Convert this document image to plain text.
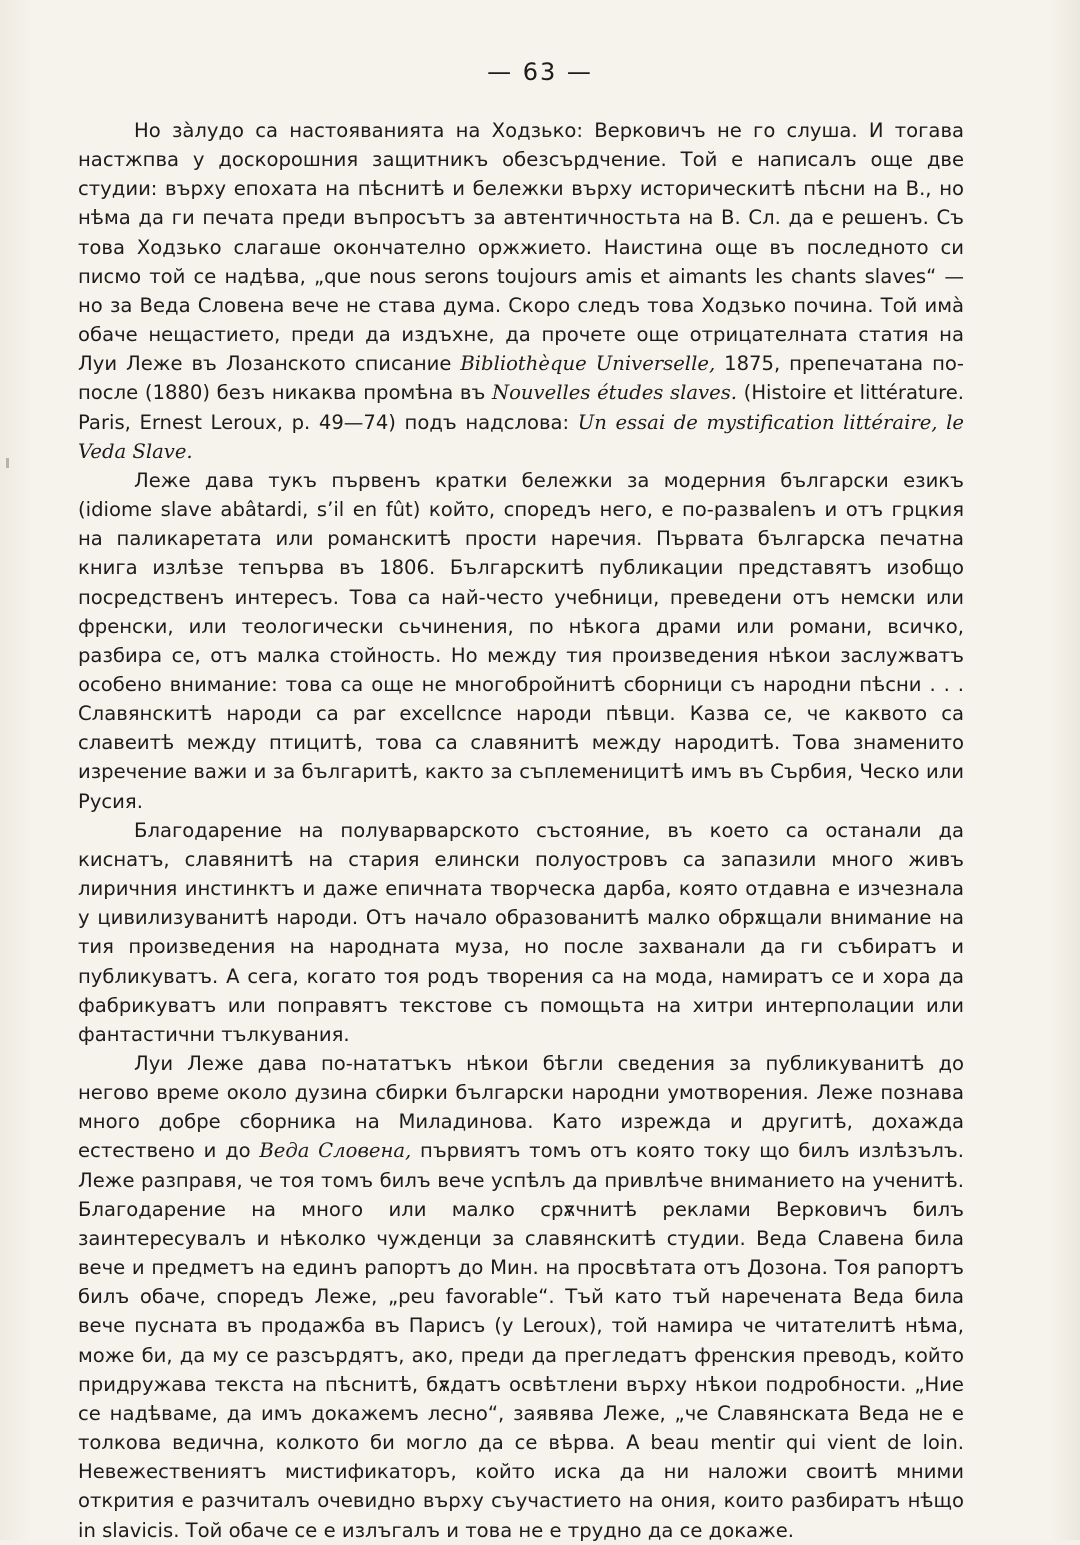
— 63 —

Но за̀лудо са настояванията на Ходзько: Верковичъ не го слуша. И тогава настжпва у доскорошния защитникъ обезсърдчение. Той е написалъ още две студии: върху епохата на пѣснитѣ и бележки върху историческитѣ пѣсни на В., но нѣма да ги печата преди въпросътъ за автентичностьта на В. Сл. да е решенъ. Съ това Ходзько слагаше окончателно оржжието. Наистина още въ последното си писмо той се надѣва, „que nous serons toujours amis et aimants les chants slaves“ — но за Веда Словена вече не става дума. Скоро следъ това Ходзько почина. Той имà обаче нещастието, преди да издъхне, да прочете още отрицателната статия на Луи Леже въ Лозанското списание Bibliothèque Universelle, 1875, препечатана по-после (1880) безъ никаква промѣна въ Nouvelles études slaves. (Histoire et littérature. Paris, Ernest Leroux, p. 49—74) подъ надслова: Un essai de mystification littéraire, le Veda Slave.

Леже дава тукъ първенъ кратки бележки за модерния български езикъ (idiome slave abâtardi, s’il en fût) който, споредъ него, е по-развalenъ и отъ грцкия на паликаретата или романскитѣ прости наречия. Първата българска печатна книга излѣзе тепърва въ 1806. Българскитѣ публикации представятъ изобщо посредственъ интересъ. Това са най-често учебници, преведени отъ немски или френски, или теологически сьчинения, по нѣкога драми или романи, всичко, разбира се, отъ малка стойность. Но между тия произведения нѣкои заслужватъ особено внимание: това са още не многобройнитѣ сборници съ народни пѣсни . . . Славянскитѣ народи са par excellcnce народи пѣвци. Казва се, че каквото са славеитѣ между птицитѣ, това са славянитѣ между народитѣ. Това знаменито изречение важи и за българитѣ, както за съплеменицитѣ имъ въ Сърбия, Ческо или Русия.

Благодарение на полуварварското състояние, въ което са останали да киснатъ, славянитѣ на стария елински полуостровъ са запазили много живъ лиричния инстинктъ и даже епичната творческа дарба, която отдавна е изчезнала у цивилизуванитѣ народи. Отъ начало образованитѣ малко обрѫщали внимание на тия произведения на народната муза, но после захванали да ги събиратъ и публикуватъ. А сега, когато тоя родъ творения са на мода, намиратъ се и хора да фабрикуватъ или поправятъ текстове съ помощьта на хитри интерполации или фантастични тълкувания.

Луи Леже дава по-нататъкъ нѣкои бѣгли сведения за публикуванитѣ до негово време около дузина сбирки български народни умотворения. Леже познава много добре сборника на Миладинова. Като изрежда и другитѣ, дохаждa естествено и до Веда Словена, първиятъ томъ отъ която току що билъ излѣзълъ. Леже разправя, че тоя томъ билъ вече успѣлъ да привлѣче вниманието на ученитѣ. Благодарение на много или малко срѫчнитѣ реклами Верковичъ билъ заинтересувалъ и нѣколко чужденци за славянскитѣ студии. Веда Славена била вече и предметъ на единъ рапортъ до Мин. на просвѣтата отъ Дозона. Тоя рапортъ билъ обаче, споредъ Леже, „peu favorable“. Тъй като тъй наречената Веда била вече пусната въ продажба въ Парисъ (у Leroux), той намира че читателитѣ нѣма, може би, да му се разсърдятъ, ако, преди да прегледатъ френския преводъ, който придружава текста на пѣснитѣ, бѫдатъ освѣтлени върху нѣкои подробности. „Ние се надѣваме, да имъ докажемъ лесно“, заявява Леже, „че Славянската Веда не е толкова ведична, колкото би могло да се вѣрва. А beau mentir qui vient de loin. Невежествениятъ мистификаторъ, който иска да ни наложи своитѣ мними открития е разчиталъ очевидно върху съучастието на ония, които разбиратъ нѣщо in slavicis. Той обаче се е излъгалъ и това не е трудно да се докаже.
